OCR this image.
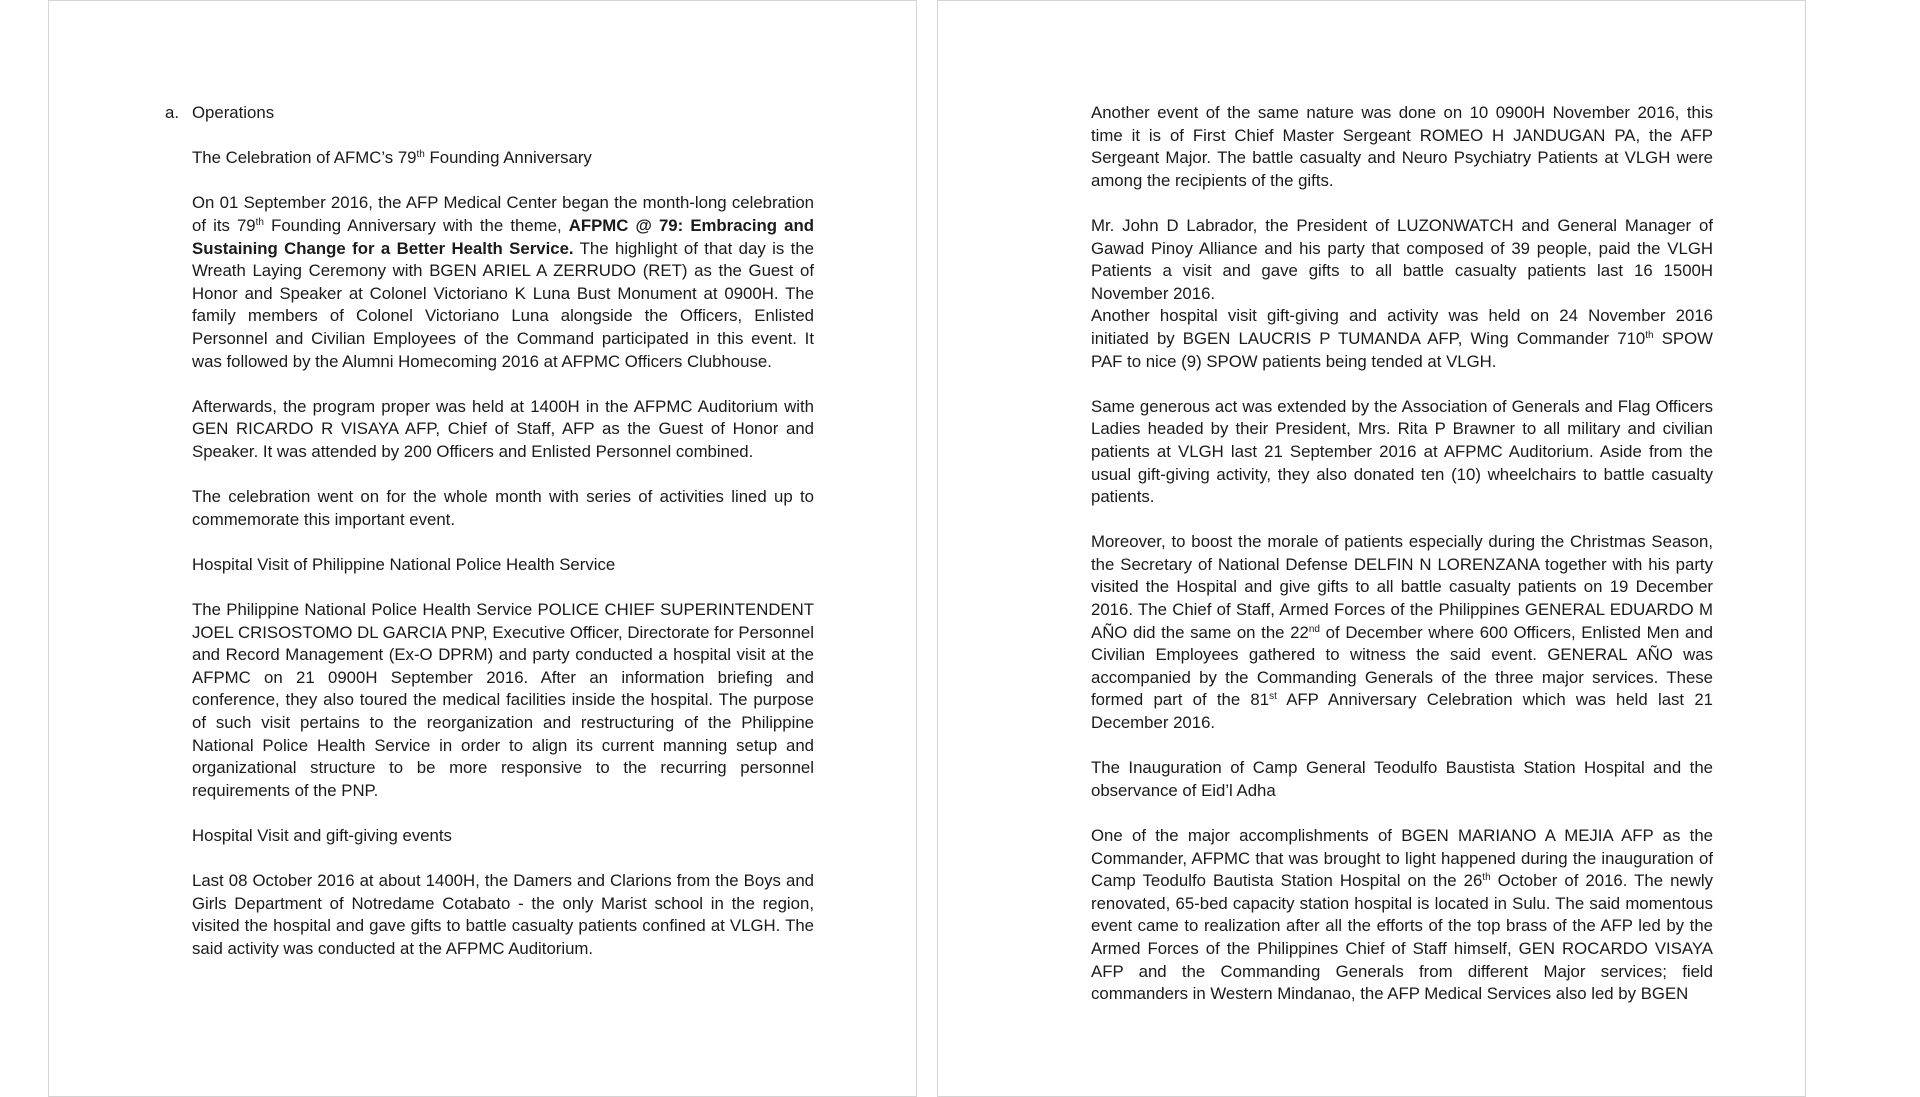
a. Operations
The Celebration of AFMC’s 79th Founding Anniversary

On 01 September 2016, the AFP Medical Center began the month-long celebration of its 79th Founding Anniversary with the theme, AFPMC @ 79: Embracing and Sustaining Change for a Better Health Service. The highlight of that day is the Wreath Laying Ceremony with BGEN ARIEL A ZERRUDO (RET) as the Guest of Honor and Speaker at Colonel Victoriano K Luna Bust Monument at 0900H. The family members of Colonel Victoriano Luna alongside the Officers, Enlisted Personnel and Civilian Employees of the Command participated in this event. It was followed by the Alumni Homecoming 2016 at AFPMC Officers Clubhouse.

Afterwards, the program proper was held at 1400H in the AFPMC Auditorium with GEN RICARDO R VISAYA AFP, Chief of Staff, AFP as the Guest of Honor and Speaker. It was attended by 200 Officers and Enlisted Personnel combined.

The celebration went on for the whole month with series of activities lined up to commemorate this important event.

Hospital Visit of Philippine National Police Health Service

The Philippine National Police Health Service POLICE CHIEF SUPERINTENDENT JOEL CRISOSTOMO DL GARCIA PNP, Executive Officer, Directorate for Personnel and Record Management (Ex-O DPRM) and party conducted a hospital visit at the AFPMC on 21 0900H September 2016. After an information briefing and conference, they also toured the medical facilities inside the hospital. The purpose of such visit pertains to the reorganization and restructuring of the Philippine National Police Health Service in order to align its current manning setup and organizational structure to be more responsive to the recurring personnel requirements of the PNP.

Hospital Visit and gift-giving events

Last 08 October 2016 at about 1400H, the Damers and Clarions from the Boys and Girls Department of Notredame Cotabato - the only Marist school in the region, visited the hospital and gave gifts to battle casualty patients confined at VLGH. The said activity was conducted at the AFPMC Auditorium.

Another event of the same nature was done on 10 0900H November 2016, this time it is of First Chief Master Sergeant ROMEO H JANDUGAN PA, the AFP Sergeant Major. The battle casualty and Neuro Psychiatry Patients at VLGH were among the recipients of the gifts.

Mr. John D Labrador, the President of LUZONWATCH and General Manager of Gawad Pinoy Alliance and his party that composed of 39 people, paid the VLGH Patients a visit and gave gifts to all battle casualty patients last 16 1500H November 2016.

Another hospital visit gift-giving and activity was held on 24 November 2016 initiated by BGEN LAUCRIS P TUMANDA AFP, Wing Commander 710th SPOW PAF to nice (9) SPOW patients being tended at VLGH.

Same generous act was extended by the Association of Generals and Flag Officers Ladies headed by their President, Mrs. Rita P Brawner to all military and civilian patients at VLGH last 21 September 2016 at AFPMC Auditorium. Aside from the usual gift-giving activity, they also donated ten (10) wheelchairs to battle casualty patients.

Moreover, to boost the morale of patients especially during the Christmas Season, the Secretary of National Defense DELFIN N LORENZANA together with his party visited the Hospital and give gifts to all battle casualty patients on 19 December 2016. The Chief of Staff, Armed Forces of the Philippines GENERAL EDUARDO M AÑO did the same on the 22nd of December where 600 Officers, Enlisted Men and Civilian Employees gathered to witness the said event. GENERAL AÑO was accompanied by the Commanding Generals of the three major services. These formed part of the 81st AFP Anniversary Celebration which was held last 21 December 2016.

The Inauguration of Camp General Teodulfo Baustista Station Hospital and the observance of Eid’l Adha

One of the major accomplishments of BGEN MARIANO A MEJIA AFP as the Commander, AFPMC that was brought to light happened during the inauguration of Camp Teodulfo Bautista Station Hospital on the 26th October of 2016. The newly renovated, 65-bed capacity station hospital is located in Sulu. The said momentous event came to realization after all the efforts of the top brass of the AFP led by the Armed Forces of the Philippines Chief of Staff himself, GEN ROCARDO VISAYA AFP and the Commanding Generals from different Major services; field commanders in Western Mindanao, the AFP Medical Services also led by BGEN
